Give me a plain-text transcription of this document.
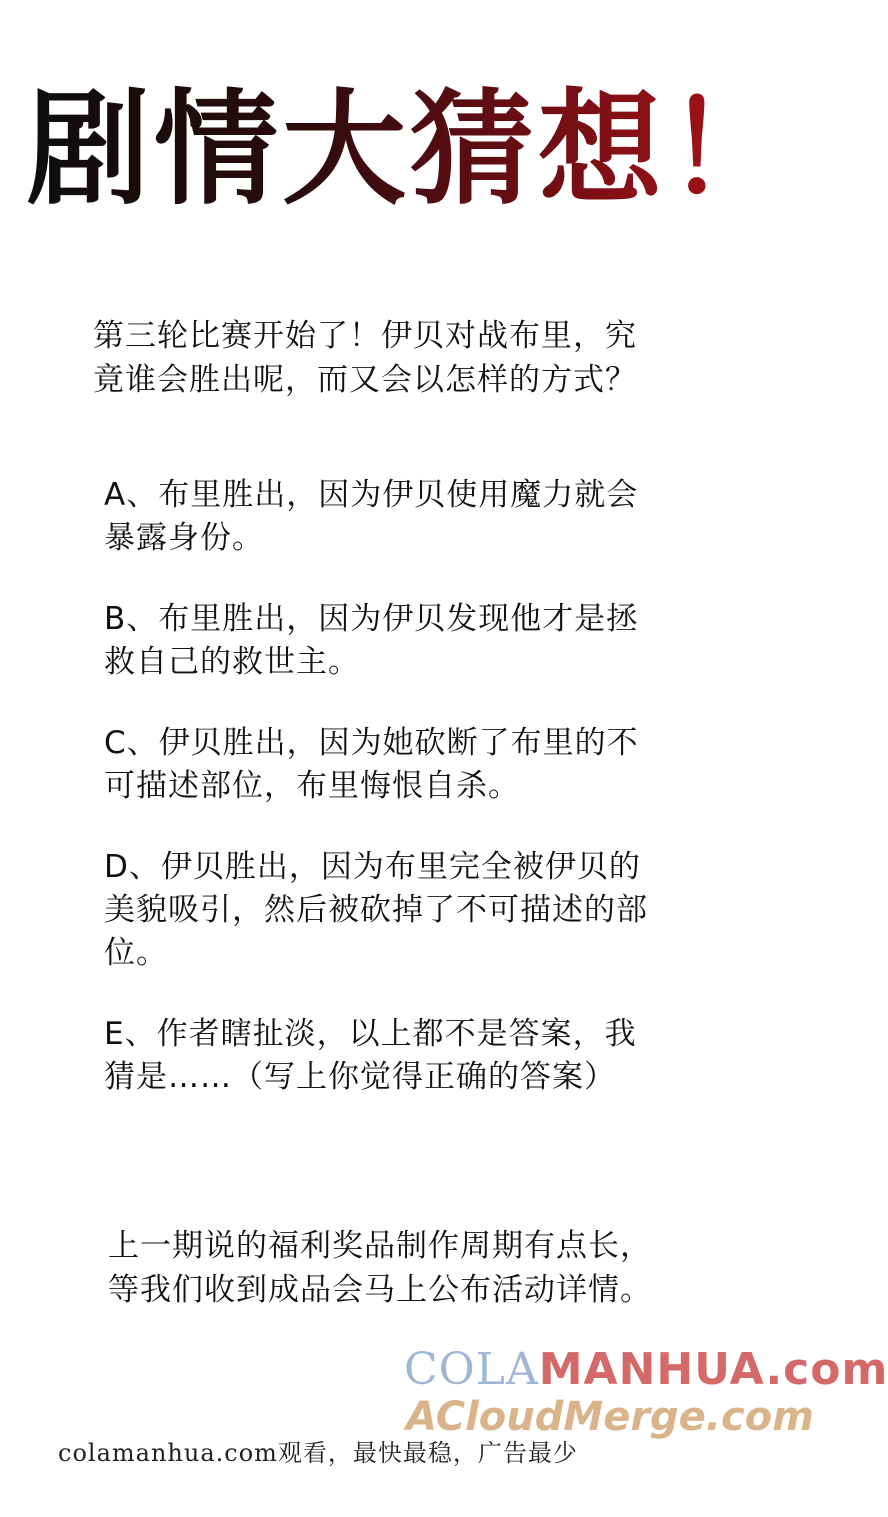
剧情大猜想！
第三轮比赛开始了！伊贝对战布里，究
竟谁会胜出呢，而又会以怎样的方式？
A、布里胜出，因为伊贝使用魔力就会
暴露身份。
B、布里胜出，因为伊贝发现他才是拯
救自己的救世主。
C、伊贝胜出，因为她砍断了布里的不
可描述部位，布里悔恨自杀。
D、伊贝胜出，因为布里完全被伊贝的
美貌吸引，然后被砍掉了不可描述的部
位。
E、作者瞎扯淡，以上都不是答案，我
猜是……（写上你觉得正确的答案）
上一期说的福利奖品制作周期有点长，
等我们收到成品会马上公布活动详情。
COLAMANHUA.com
ACloudMerge.com
colamanhua.com观看，最快最稳，广告最少
